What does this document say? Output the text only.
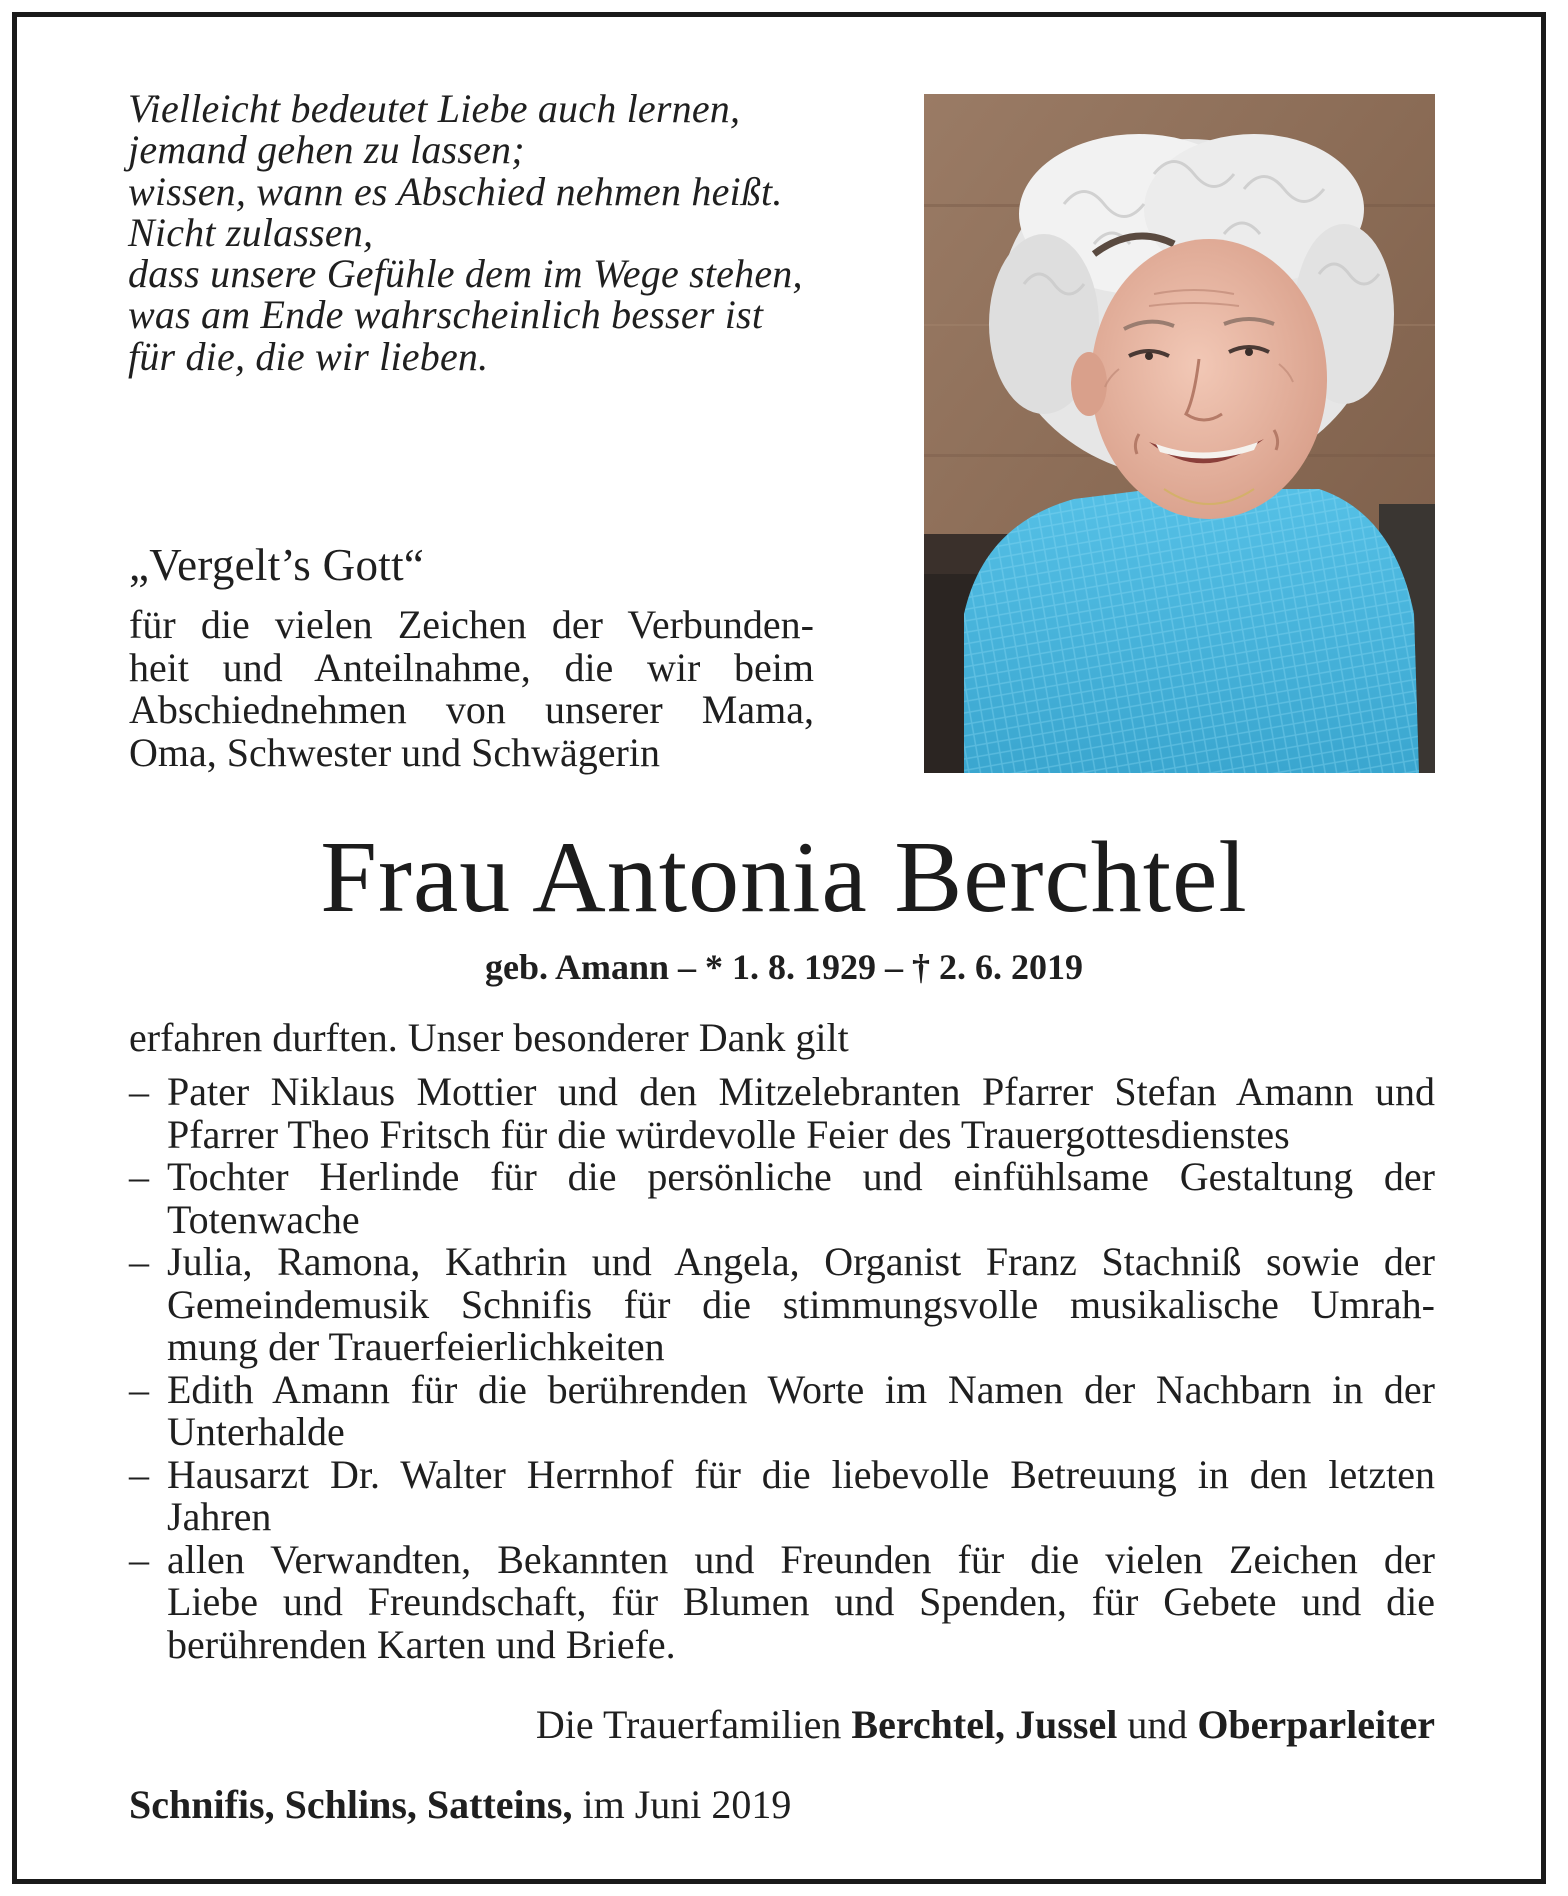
Vielleicht bedeutet Liebe auch lernen,
jemand gehen zu lassen;
wissen, wann es Abschied nehmen heißt.
Nicht zulassen,
dass unsere Gefühle dem im Wege stehen,
was am Ende wahrscheinlich besser ist
für die, die wir lieben.
„Vergelt’s Gott“
für die vielen Zeichen der Verbunden-
heit und Anteilnahme, die wir beim
Abschiednehmen von unserer Mama,
Oma, Schwester und Schwägerin
Frau Antonia Berchtel
geb. Amann – * 1. 8. 1929 – † 2. 6. 2019
erfahren durften. Unser besonderer Dank gilt
– Pater Niklaus Mottier und den Mitzelebranten Pfarrer Stefan Amann und
Pfarrer Theo Fritsch für die würdevolle Feier des Trauergottesdienstes
– Tochter Herlinde für die persönliche und einfühlsame Gestaltung der
Totenwache
– Julia, Ramona, Kathrin und Angela, Organist Franz Stachniß sowie der
Gemeindemusik Schnifis für die stimmungsvolle musikalische Umrah-
mung der Trauerfeierlichkeiten
– Edith Amann für die berührenden Worte im Namen der Nachbarn in der
Unterhalde
– Hausarzt Dr. Walter Herrnhof für die liebevolle Betreuung in den letzten
Jahren
– allen Verwandten, Bekannten und Freunden für die vielen Zeichen der
Liebe und Freundschaft, für Blumen und Spenden, für Gebete und die
berührenden Karten und Briefe.
Die Trauerfamilien Berchtel, Jussel und Oberparleiter
Schnifis, Schlins, Satteins, im Juni 2019
